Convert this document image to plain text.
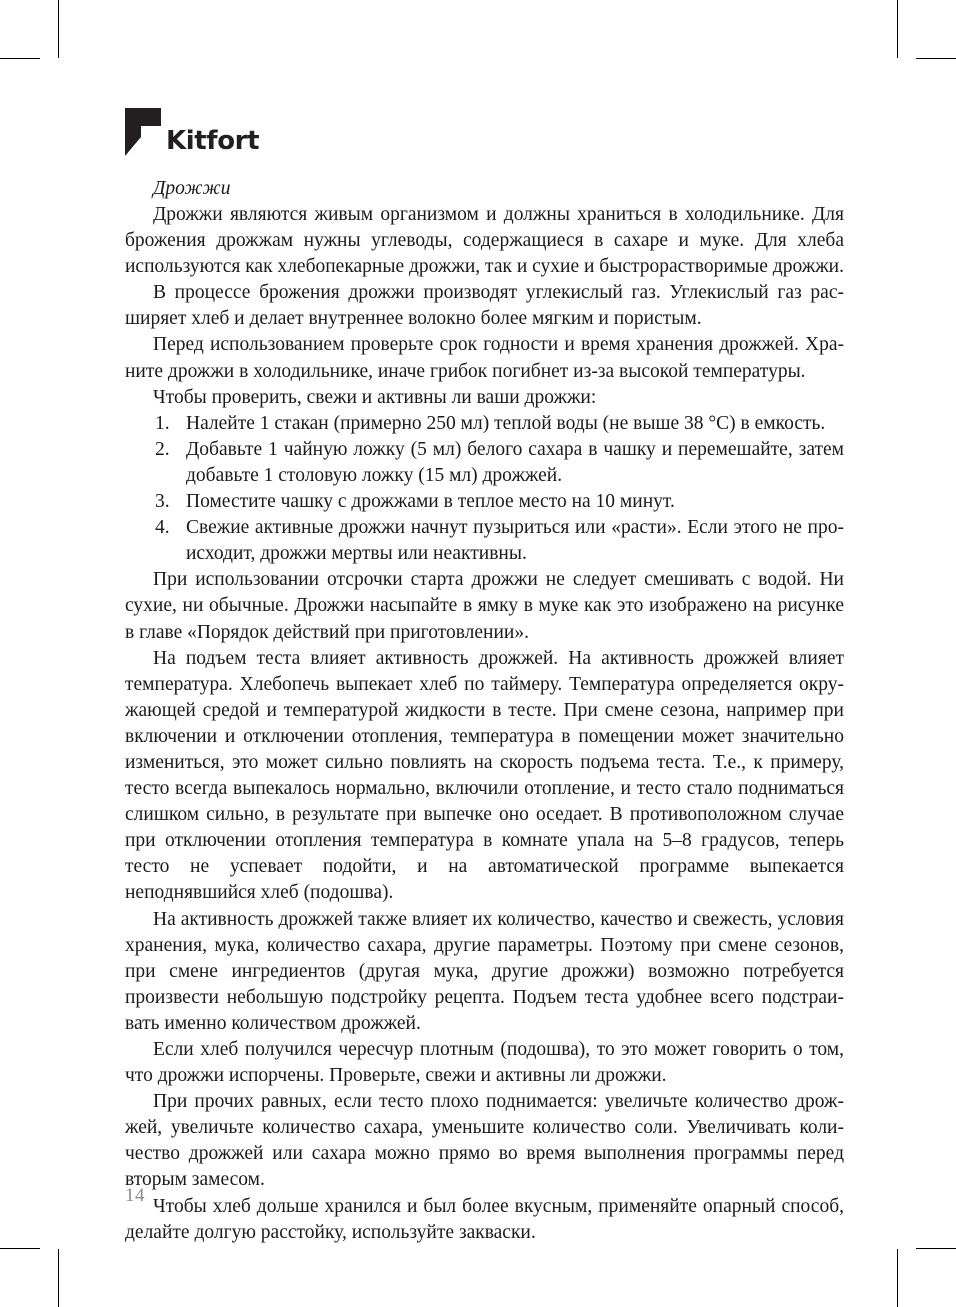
Kitfort
Дрожжи

Дрожжи являются живым организмом и должны храниться в холодильнике. Для брожения дрожжам нужны углеводы, содержащиеся в сахаре и муке. Для хлеба используются как хлебопекарные дрожжи, так и сухие и быстрорастворимые дрожжи.

В процессе брожения дрожжи производят углекислый газ. Углекислый газ расширяет хлеб и делает внутреннее волокно более мягким и пористым.

Перед использованием проверьте срок годности и время хранения дрожжей. Храните дрожжи в холодильнике, иначе грибок погибнет из-за высокой температуры.

Чтобы проверить, свежи и активны ли ваши дрожжи:

Налейте 1 стакан (примерно 250 мл) теплой воды (не выше 38 °C) в емкость.
Добавьте 1 чайную ложку (5 мл) белого сахара в чашку и перемешайте, затем добавьте 1 столовую ложку (15 мл) дрожжей.
Поместите чашку с дрожжами в теплое место на 10 минут.
Свежие активные дрожжи начнут пузыриться или «расти». Если этого не происходит, дрожжи мертвы или неактивны.

При использовании отсрочки старта дрожжи не следует смешивать с водой. Ни сухие, ни обычные. Дрожжи насыпайте в ямку в муке как это изображено на рисунке в главе «Порядок действий при приготовлении».

На подъем теста влияет активность дрожжей. На активность дрожжей влияет температура. Хлебопечь выпекает хлеб по таймеру. Температура определяется окружающей средой и температурой жидкости в тесте. При смене сезона, например при включении и отключении отопления, температура в помещении может значительно измениться, это может сильно повлиять на скорость подъема теста. Т.е., к примеру, тесто всегда выпекалось нормально, включили отопление, и тесто стало подниматься слишком сильно, в результате при выпечке оно оседает. В противоположном случае при отключении отопления температура в комнате упала на 5–8 градусов, теперь тесто не успевает подойти, и на автоматической программе выпекается неподнявшийся хлеб (подошва).

На активность дрожжей также влияет их количество, качество и свежесть, условия хранения, мука, количество сахара, другие параметры. Поэтому при смене сезонов, при смене ингредиентов (другая мука, другие дрожжи) возможно потребуется произвести небольшую подстройку рецепта. Подъем теста удобнее всего подстраивать именно количеством дрожжей.

Если хлеб получился чересчур плотным (подошва), то это может говорить о том, что дрожжи испорчены. Проверьте, свежи и активны ли дрожжи.

При прочих равных, если тесто плохо поднимается: увеличьте количество дрожжей, увеличьте количество сахара, уменьшите количество соли. Увеличивать количество дрожжей или сахара можно прямо во время выполнения программы перед вторым замесом.

Чтобы хлеб дольше хранился и был более вкусным, применяйте опарный способ, делайте долгую расстойку, используйте закваски.

14
